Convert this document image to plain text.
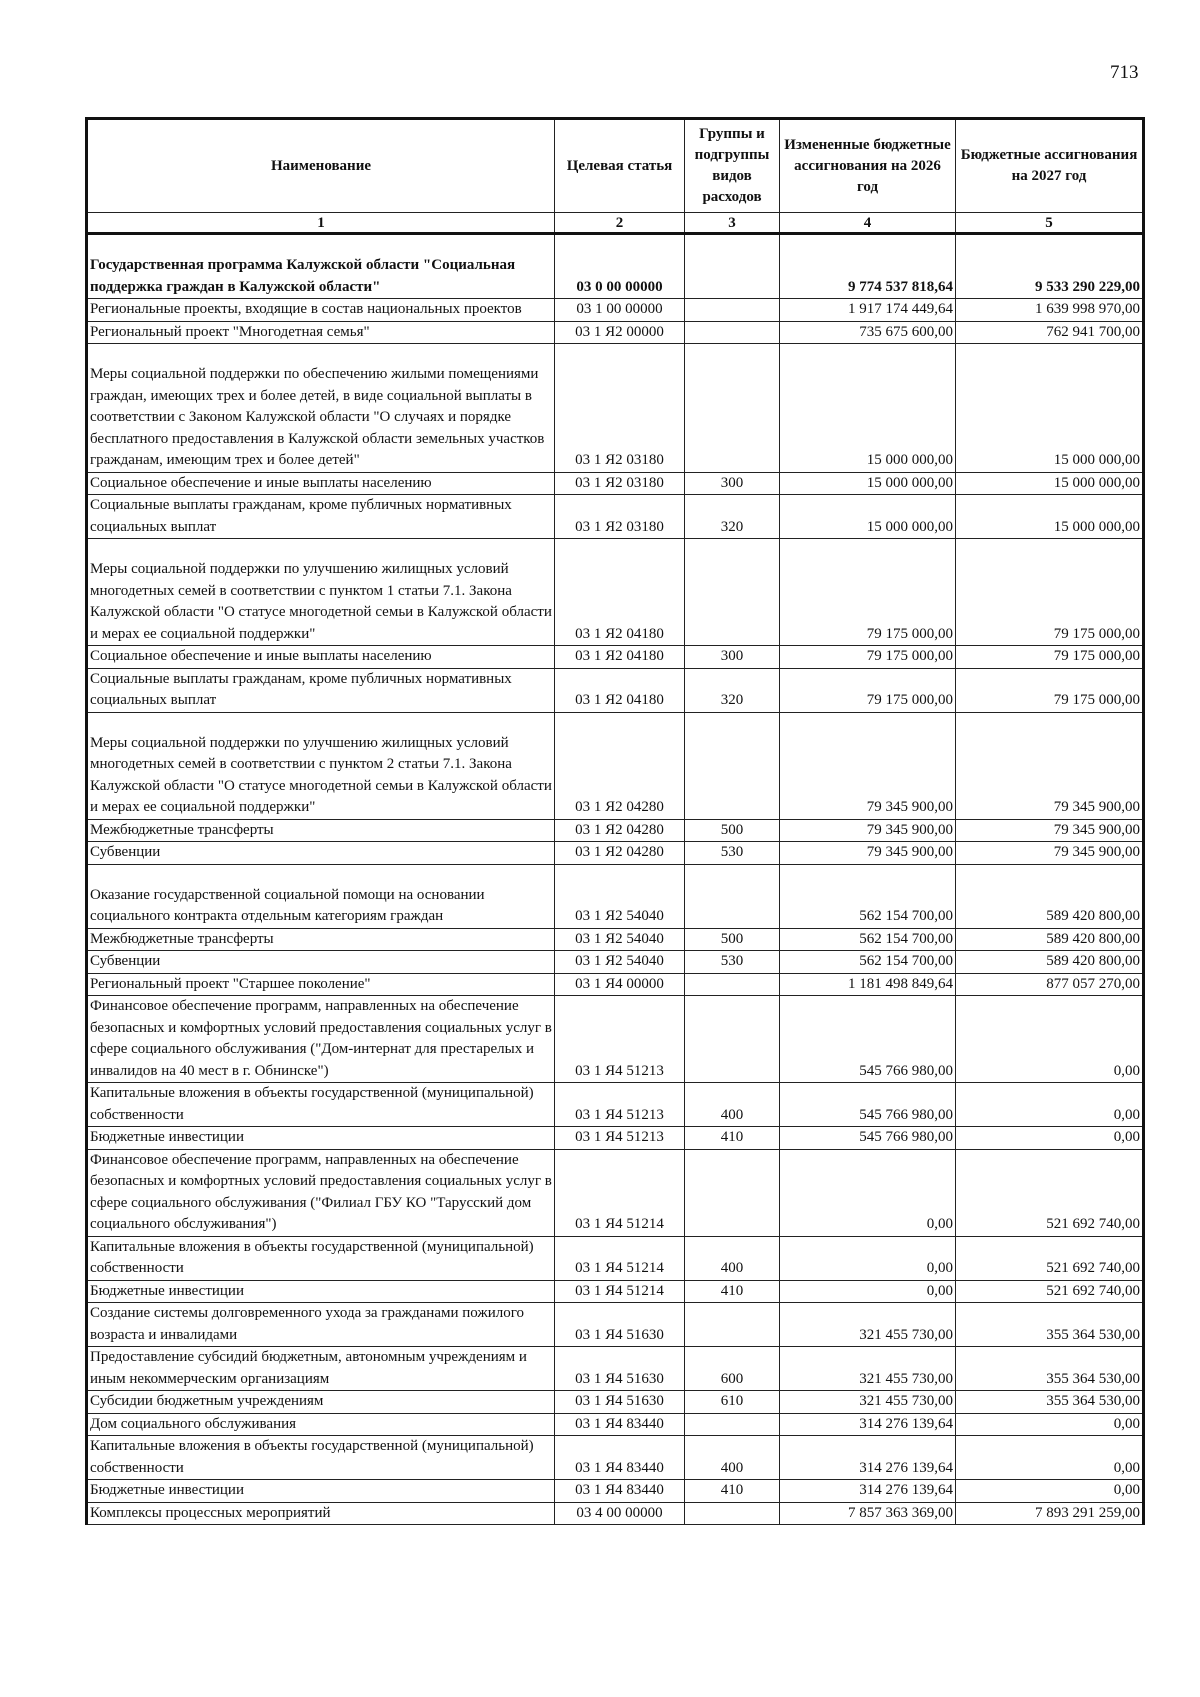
713
Наименование	Целевая статья	Группы и подгруппы видов расходов	Измененные бюджетные ассигнования на 2026 год	Бюджетные ассигнования на 2027 год
1	2	3	4	5
Государственная программа Калужской области "Социальная поддержка граждан в Калужской области"	03 0 00 00000		9 774 537 818,64	9 533 290 229,00
Региональные проекты, входящие в состав национальных проектов	03 1 00 00000		1 917 174 449,64	1 639 998 970,00
Региональный проект "Многодетная семья"	03 1 Я2 00000		735 675 600,00	762 941 700,00
Меры социальной поддержки по обеспечению жилыми помещениями граждан, имеющих трех и более детей, в виде социальной выплаты в соответствии с Законом Калужской области "О случаях и порядке бесплатного предоставления в Калужской области земельных участков гражданам, имеющим трех и более детей"	03 1 Я2 03180		15 000 000,00	15 000 000,00
Социальное обеспечение и иные выплаты населению	03 1 Я2 03180	300	15 000 000,00	15 000 000,00
Социальные выплаты гражданам, кроме публичных нормативных социальных выплат	03 1 Я2 03180	320	15 000 000,00	15 000 000,00
Меры социальной поддержки по улучшению жилищных условий многодетных семей в соответствии с пунктом 1 статьи 7.1. Закона Калужской области "О статусе многодетной семьи в Калужской области и мерах ее социальной поддержки"	03 1 Я2 04180		79 175 000,00	79 175 000,00
Социальное обеспечение и иные выплаты населению	03 1 Я2 04180	300	79 175 000,00	79 175 000,00
Социальные выплаты гражданам, кроме публичных нормативных социальных выплат	03 1 Я2 04180	320	79 175 000,00	79 175 000,00
Меры социальной поддержки по улучшению жилищных условий многодетных семей в соответствии с пунктом 2 статьи 7.1. Закона Калужской области "О статусе многодетной семьи в Калужской области и мерах ее социальной поддержки"	03 1 Я2 04280		79 345 900,00	79 345 900,00
Межбюджетные трансферты	03 1 Я2 04280	500	79 345 900,00	79 345 900,00
Субвенции	03 1 Я2 04280	530	79 345 900,00	79 345 900,00
Оказание государственной социальной помощи на основании социального контракта отдельным категориям граждан	03 1 Я2 54040		562 154 700,00	589 420 800,00
Межбюджетные трансферты	03 1 Я2 54040	500	562 154 700,00	589 420 800,00
Субвенции	03 1 Я2 54040	530	562 154 700,00	589 420 800,00
Региональный проект "Старшее поколение"	03 1 Я4 00000		1 181 498 849,64	877 057 270,00
Финансовое обеспечение программ, направленных на обеспечение безопасных и комфортных условий предоставления социальных услуг в сфере социального обслуживания ("Дом-интернат для престарелых и инвалидов на 40 мест в г. Обнинске")	03 1 Я4 51213		545 766 980,00	0,00
Капитальные вложения в объекты государственной (муниципальной) собственности	03 1 Я4 51213	400	545 766 980,00	0,00
Бюджетные инвестиции	03 1 Я4 51213	410	545 766 980,00	0,00
Финансовое обеспечение программ, направленных на обеспечение безопасных и комфортных условий предоставления социальных услуг в сфере социального обслуживания ("Филиал ГБУ КО "Тарусский дом социального обслуживания")	03 1 Я4 51214		0,00	521 692 740,00
Капитальные вложения в объекты государственной (муниципальной) собственности	03 1 Я4 51214	400	0,00	521 692 740,00
Бюджетные инвестиции	03 1 Я4 51214	410	0,00	521 692 740,00
Создание системы долговременного ухода за гражданами пожилого возраста и инвалидами	03 1 Я4 51630		321 455 730,00	355 364 530,00
Предоставление субсидий бюджетным, автономным учреждениям и иным некоммерческим организациям	03 1 Я4 51630	600	321 455 730,00	355 364 530,00
Субсидии бюджетным учреждениям	03 1 Я4 51630	610	321 455 730,00	355 364 530,00
Дом социального обслуживания	03 1 Я4 83440		314 276 139,64	0,00
Капитальные вложения в объекты государственной (муниципальной) собственности	03 1 Я4 83440	400	314 276 139,64	0,00
Бюджетные инвестиции	03 1 Я4 83440	410	314 276 139,64	0,00
Комплексы процессных мероприятий	03 4 00 00000		7 857 363 369,00	7 893 291 259,00
